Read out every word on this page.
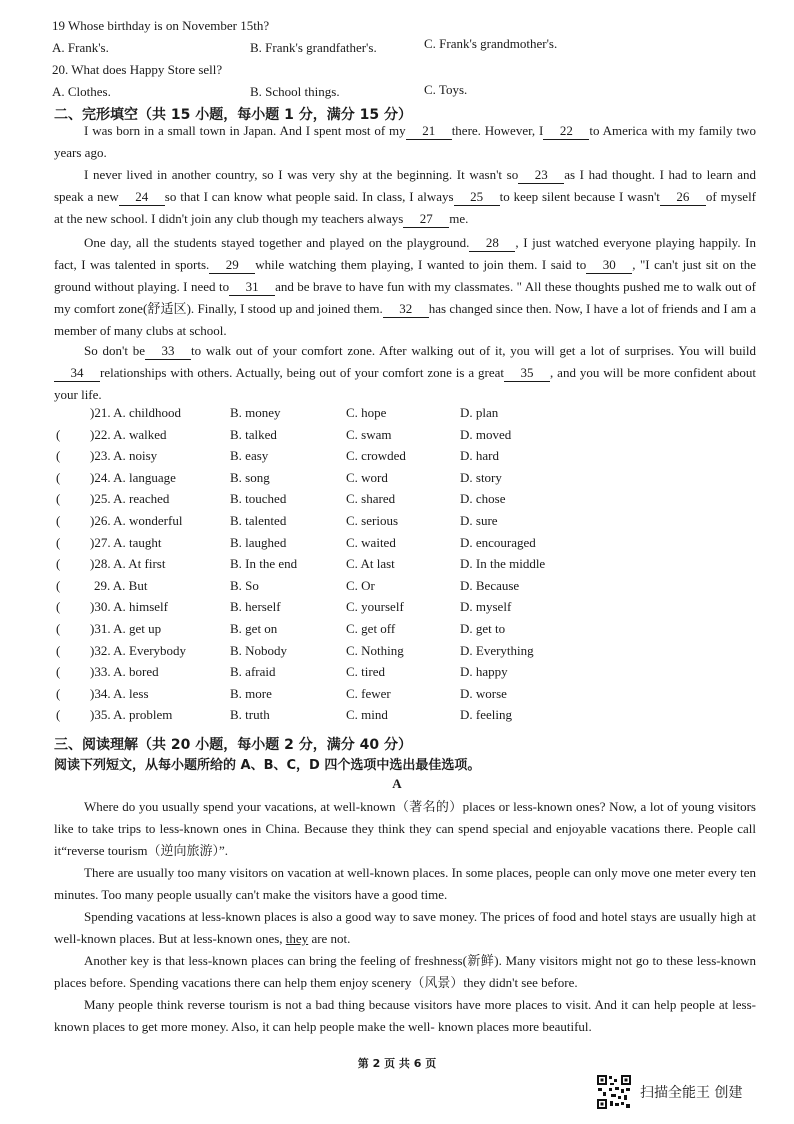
19 Whose birthday is on November 15th?
A. Frank's.	B. Frank's grandfather's.	C. Frank's grandmother's.
20. What does Happy Store sell?
A. Clothes.	B. School things.	C. Toys.
二、完形填空（共 15 小题，每小题 1 分，满分 15 分）
I was born in a small town in Japan. And I spent most of my 21 there. However, I 22 to America with my family two years ago.
I never lived in another country, so I was very shy at the beginning. It wasn't so 23 as I had thought. I had to learn and speak a new 24 so that I can know what people said. In class, I always 25 to keep silent because I wasn't 26 of myself at the new school. I didn't join any club though my teachers always 27 me.
One day, all the students stayed together and played on the playground. 28 , I just watched everyone playing happily. In fact, I was talented in sports. 29 while watching them playing, I wanted to join them. I said to 30 , "I can't just sit on the ground without playing. I need to 31 and be brave to have fun with my classmates. " All these thoughts pushed me to walk out of my comfort zone(舒适区). Finally, I stood up and joined them. 32 has changed since then. Now, I have a lot of friends and I am a member of many clubs at school.
So don't be 33 to walk out of your comfort zone. After walking out of it, you will get a lot of surprises. You will build34 relationships with others. Actually, being out of your comfort zone is a great 35 , and you will be more confident about your life.
)21. A. childhood	B. money	C. hope	D. plan
( )22. A. walked	B. talked	C. swam	D. moved
( )23. A. noisy	B. easy	C. crowded	D. hard
( )24. A. language	B. song	C. word	D. story
( )25. A. reached	B. touched	C. shared	D. chose
( )26. A. wonderful	B. talented	C. serious	D. sure
( )27. A. taught	B. laughed	C. waited	D. encouraged
( )28. A. At first	B. In the end	C. At last	D. In the middle
(	29. A. But	B. So	C. Or	D. Because
( )30. A. himself	B. herself	C. yourself	D. myself
( )31. A. get up	B. get on	C. get off	D. get to
( )32. A. Everybody	B. Nobody	C. Nothing	D. Everything
( )33. A. bored	B. afraid	C. tired	D. happy
( )34. A. less	B. more	C. fewer	D. worse
( )35. A. problem	B. truth	C. mind	D. feeling
三、阅读理解（共 20 小题，每小题 2 分，满分 40 分）
阅读下列短文，从每小题所给的 A、B、C，D 四个选项中选出最佳选项。
A
Where do you usually spend your vacations, at well-known（著名的）places or less-known ones? Now, a lot of young visitors like to take trips to less-known ones in China. Because they think they can spend special and enjoyable vacations there. People call it“reverse tourism（逆向旅游）”.
There are usually too many visitors on vacation at well-known places. In some places, people can only move one meter every ten minutes. Too many people usually can't make the visitors have a good time.
Spending vacations at less-known places is also a good way to save money. The prices of food and hotel stays are usually high at well-known places. But at less-known ones, they are not.
Another key is that less-known places can bring the feeling of freshness(新鲜). Many visitors might not go to these less-known places before. Spending vacations there can help them enjoy scenery（风景）they didn't see before.
Many people think reverse tourism is not a bad thing because visitors have more places to visit. And it can help people at less-known places to get more money. Also, it can help people make the well- known places more beautiful.
第 2 页 共 6 页
扫描全能王 创建
